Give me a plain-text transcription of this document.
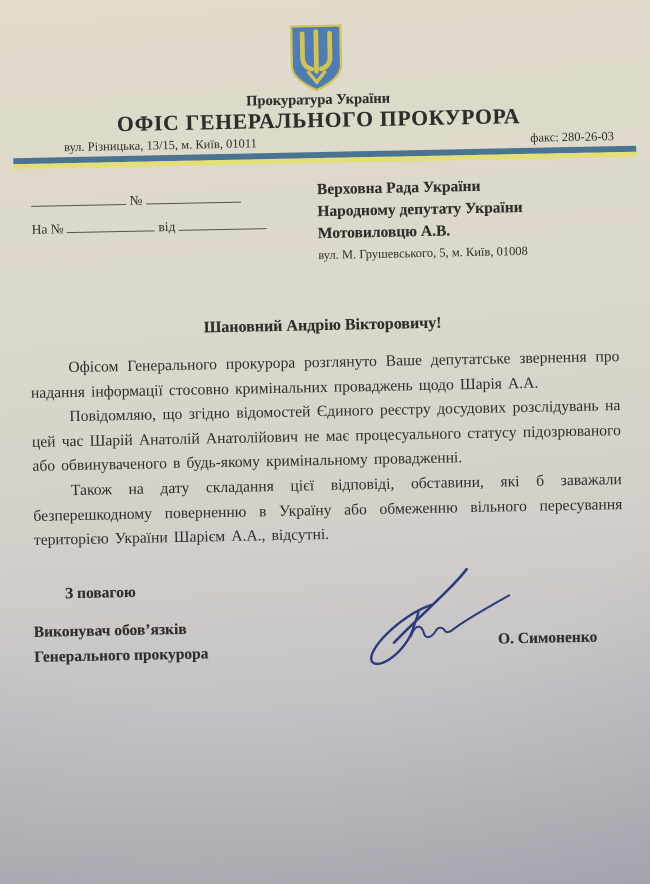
Прокуратура України
ОФІС ГЕНЕРАЛЬНОГО ПРОКУРОРА
вул. Різницька, 13/15, м. Київ, 01011	факс: 280-26-03
№
На №	від
Верховна Рада України
Народному депутату України
Мотовиловцю А.В.
вул. М. Грушевського, 5, м. Київ, 01008
Шановний Андрію Вікторовичу!

Офісом Генерального прокурора розглянуто Ваше депутатське звернення про надання інформації стосовно кримінальних проваджень щодо Шарія А.А.

Повідомляю, що згідно відомостей Єдиного реєстру досудових розслідувань на цей час Шарій Анатолій Анатолійович не має процесуального статусу підозрюваного або обвинуваченого в будь-якому кримінальному провадженні.

Також на дату складання цієї відповіді, обставини, які б заважали безперешкодному поверненню в Україну або обмеженню вільного пересування територією України Шарієм А.А., відсутні.

З повагою
Виконувач обов’язків
Генерального прокурора
О. Симоненко
